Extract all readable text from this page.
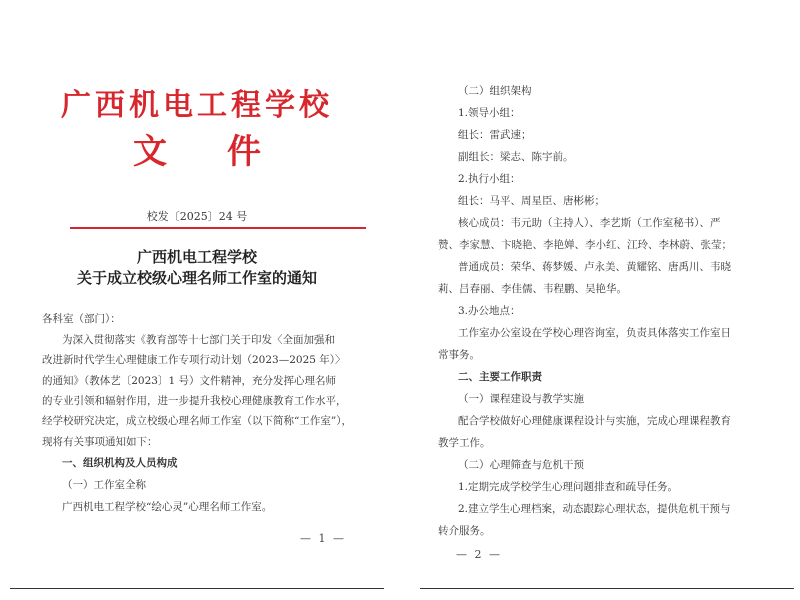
广西机电工程学校
文件
校发〔2025〕24 号
广西机电工程学校
关于成立校级心理名师工作室的通知
各科室（部门）：
为深入贯彻落实《教育部等十七部门关于印发〈全面加强和
改进新时代学生心理健康工作专项行动计划（2023—2025 年）〉
的通知》（教体艺〔2023〕1 号）文件精神，充分发挥心理名师
的专业引领和辐射作用，进一步提升我校心理健康教育工作水平，
经学校研究决定，成立校级心理名师工作室（以下简称“工作室”），
现将有关事项通知如下：
一、组织机构及人员构成
（一）工作室全称
广西机电工程学校“绘心灵”心理名师工作室。
— 1 —
（二）组织架构
1.领导小组：
组长：雷武速；
副组长：梁志、陈宇前。
2.执行小组：
组长：马平、周星臣、唐彬彬；
核心成员：韦元助（主持人）、李艺斯（工作室秘书）、严
赞、李家慧、卞晓艳、李艳婵、李小红、江玲、李林蔚、张莹；
普通成员：荣华、蒋梦媛、卢永美、黄耀铭、唐禹川、韦晓
莉、吕春丽、李佳儒、韦程鹏、吴艳华。
3.办公地点：
工作室办公室设在学校心理咨询室，负责具体落实工作室日
常事务。
二、主要工作职责
（一）课程建设与教学实施
配合学校做好心理健康课程设计与实施，完成心理课程教育
教学工作。
（二）心理筛查与危机干预
1.定期完成学校学生心理问题排查和疏导任务。
2.建立学生心理档案，动态跟踪心理状态，提供危机干预与
转介服务。
— 2 —
